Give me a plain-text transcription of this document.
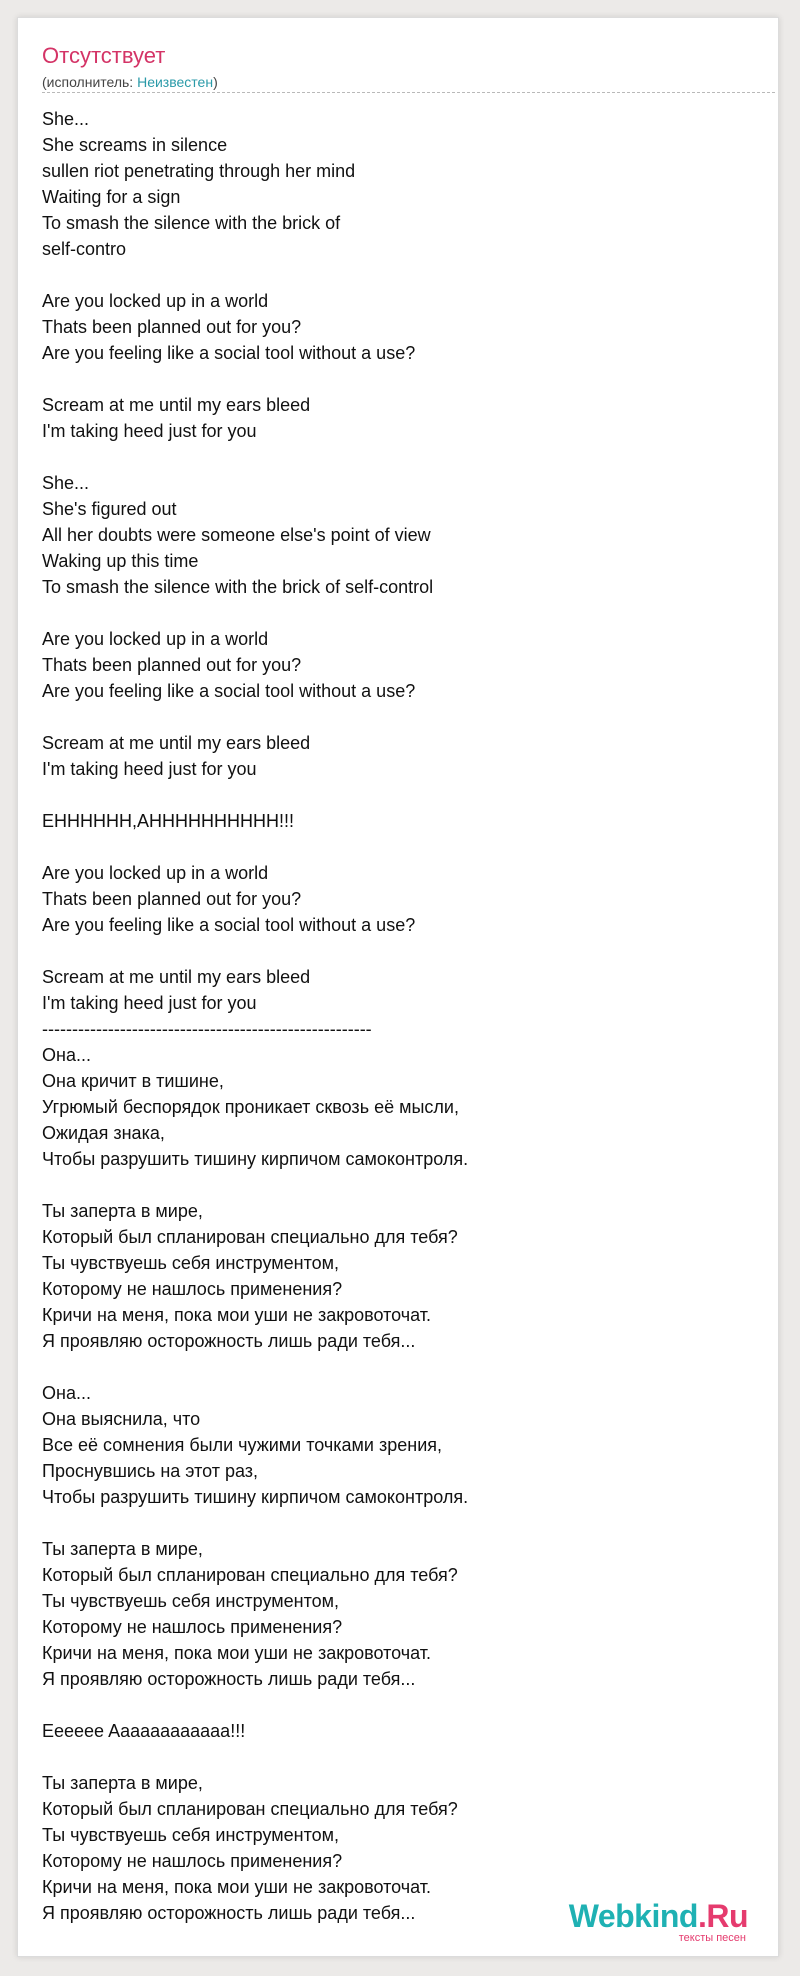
Отсутствует
(исполнитель: Неизвестен)
She...
She screams in silence
sullen riot penetrating through her mind
Waiting for a sign
To smash the silence with the brick of
self-contro

Are you locked up in a world
Thats been planned out for you?
Are you feeling like a social tool without a use?

Scream at me until my ears bleed
I'm taking heed just for you

She...
She's figured out
All her doubts were someone else's point of view
Waking up this time
To smash the silence with the brick of self-control

Are you locked up in a world
Thats been planned out for you?
Are you feeling like a social tool without a use?

Scream at me until my ears bleed
I'm taking heed just for you

EHHHHHH,AHHHHHHHHHH!!!

Are you locked up in a world
Thats been planned out for you?
Are you feeling like a social tool without a use?

Scream at me until my ears bleed
I'm taking heed just for you
-------------------------------------------------------
Она...
Она кричит в тишине,
Угрюмый беспорядок проникает сквозь её мысли,
Ожидая знака,
Чтобы разрушить тишину кирпичом самоконтроля.

Ты заперта в мире,
Который был спланирован специально для тебя?
Ты чувствуешь себя инструментом,
Которому не нашлось применения?
Кричи на меня, пока мои уши не закровоточат.
Я проявляю осторожность лишь ради тебя...

Она...
Она выяснила, что
Все её сомнения были чужими точками зрения,
Проснувшись на этот раз,
Чтобы разрушить тишину кирпичом самоконтроля.

Ты заперта в мире,
Который был спланирован специально для тебя?
Ты чувствуешь себя инструментом,
Которому не нашлось применения?
Кричи на меня, пока мои уши не закровоточат.
Я проявляю осторожность лишь ради тебя...

Eeeeee Aaaaaaaaaaaa!!!

Ты заперта в мире,
Который был спланирован специально для тебя?
Ты чувствуешь себя инструментом,
Которому не нашлось применения?
Кричи на меня, пока мои уши не закровоточат.
Я проявляю осторожность лишь ради тебя...	Webkind.Ru
тексты песен
